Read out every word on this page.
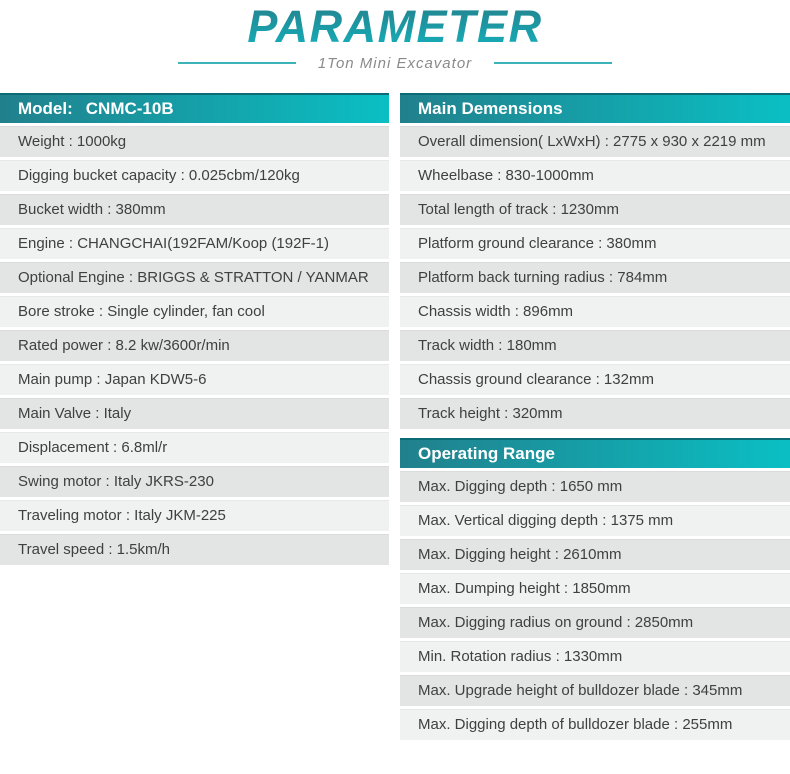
PARAMETER
1Ton Mini Excavator
Model: CNMC-10B
Weight : 1000kg
Digging bucket capacity : 0.025cbm/120kg
Bucket width : 380mm
Engine : CHANGCHAI(192FAM/Koop (192F-1)
Optional Engine : BRIGGS & STRATTON / YANMAR
Bore stroke : Single cylinder, fan cool
Rated power : 8.2 kw/3600r/min
Main pump : Japan KDW5-6
Main Valve : Italy
Displacement : 6.8ml/r
Swing motor : Italy JKRS-230
Traveling motor : Italy JKM-225
Travel speed : 1.5km/h
Main Demensions
Overall dimension( LxWxH) : 2775 x 930 x 2219 mm
Wheelbase : 830-1000mm
Total length of track : 1230mm
Platform ground clearance : 380mm
Platform back turning radius : 784mm
Chassis width : 896mm
Track width : 180mm
Chassis ground clearance : 132mm
Track height : 320mm
Operating Range
Max. Digging depth : 1650 mm
Max. Vertical digging depth : 1375 mm
Max. Digging height : 2610mm
Max. Dumping height : 1850mm
Max. Digging radius on ground : 2850mm
Min. Rotation radius : 1330mm
Max. Upgrade height of bulldozer blade : 345mm
Max. Digging depth of bulldozer blade : 255mm
